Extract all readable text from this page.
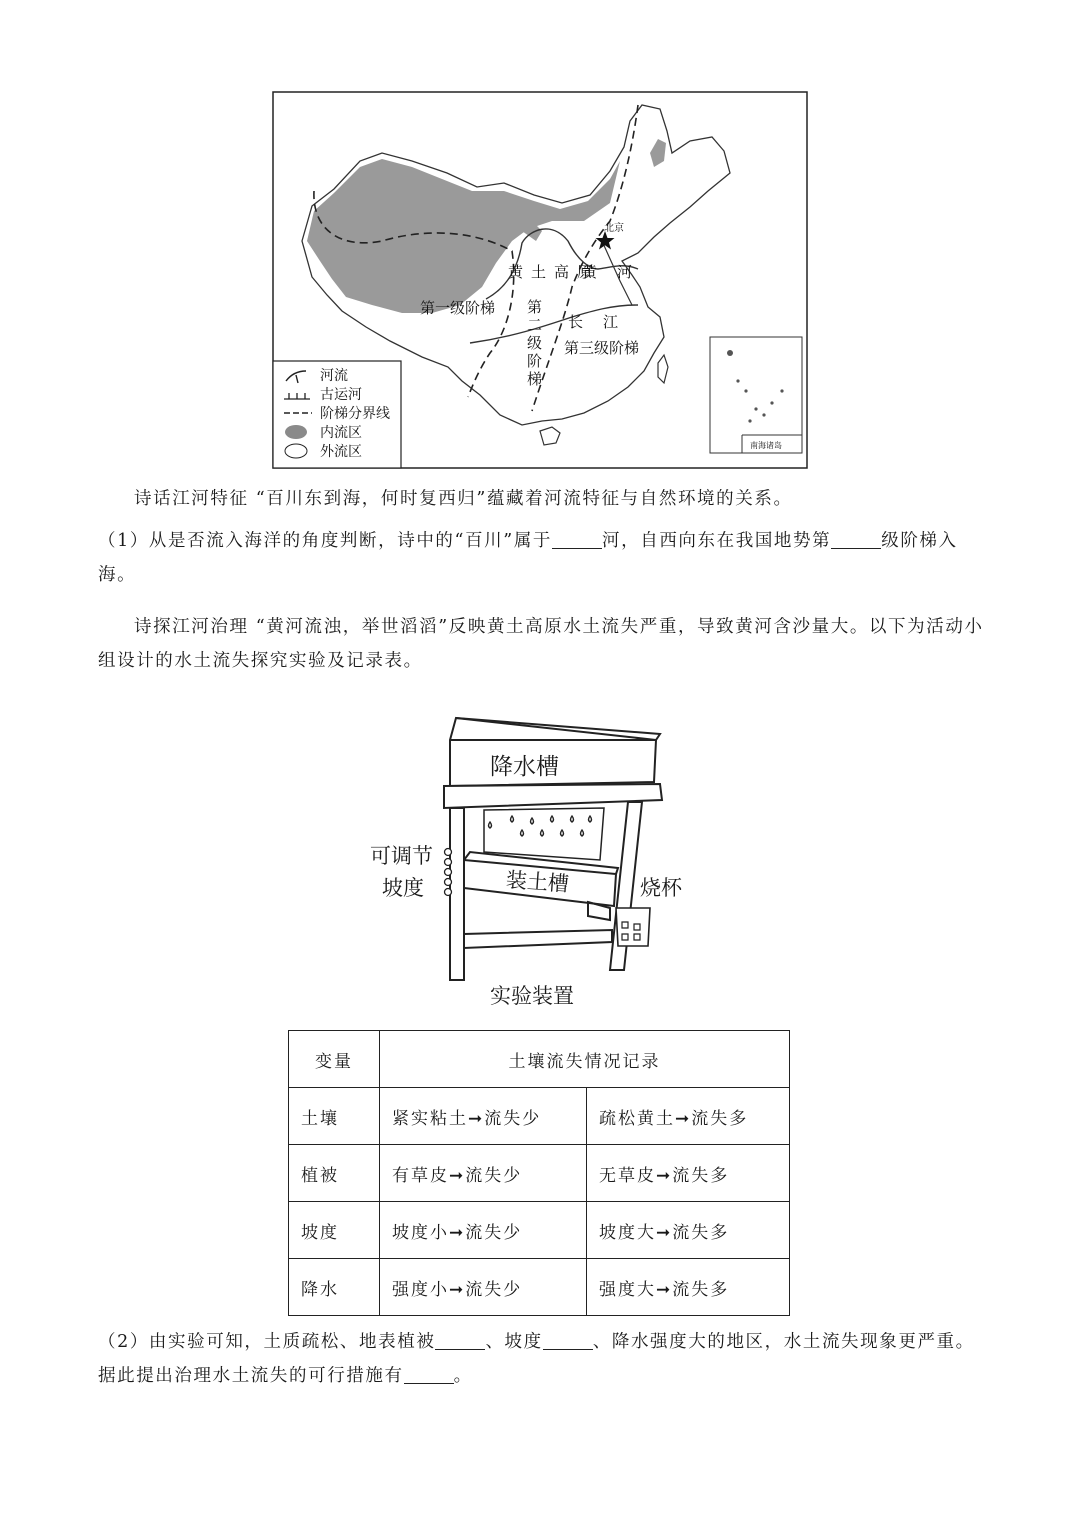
北京
黄土高原
黄河
长江
第一级阶梯
第三级阶梯
第二级阶梯
南海诸岛
河流
古运河
阶梯分界线
内流区
外流区

诗话江河特征 “百川东到海，何时复西归”蕴藏着河流特征与自然环境的关系。

（1）从是否流入海洋的角度判断，诗中的“百川”属于	河，自西向东在我国地势第	级阶梯入海。

诗探江河治理 “黄河流浊，举世滔滔”反映黄土高原水土流失严重，导致黄河含沙量大。以下为活动小组设计的水土流失探究实验及记录表。

降水槽
可调节
坡度	装土槽	烧杯
实验装置
变量	土壤流失情况记录	
土壤	紧实粘土➞流失少	疏松黄土➞流失多
植被	有草皮➞流失少	无草皮➞流失多
坡度	坡度小➞流失少	坡度大➞流失多
降水	强度小➞流失少	强度大➞流失多

（2）由实验可知，土质疏松、地表植被	、坡度	、降水强度大的地区，水土流失现象更严重。据此提出治理水土流失的可行措施有	。
